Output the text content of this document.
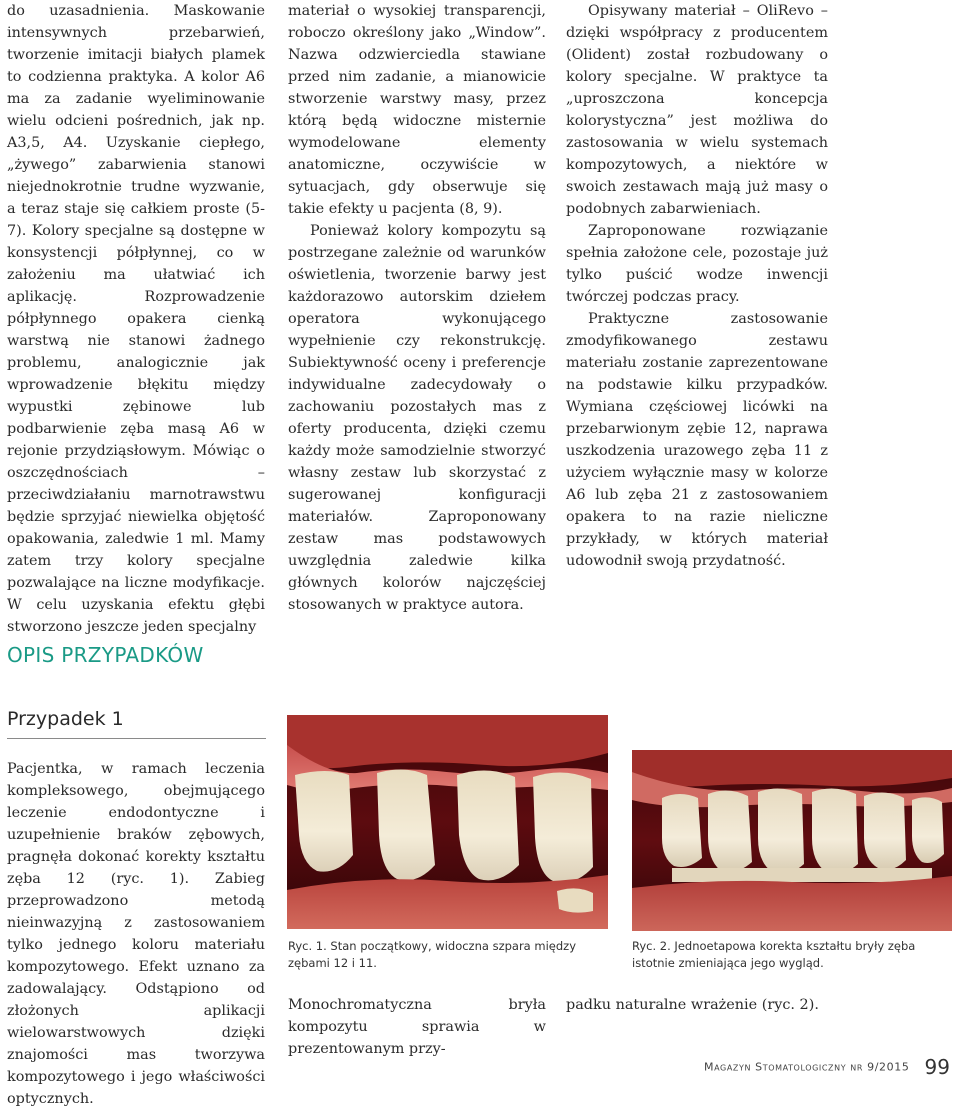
do uzasadnienia. Maskowanie intensywnych przebarwień, tworzenie imitacji białych plamek to codzienna praktyka. A kolor A6 ma za zadanie wyeliminowanie wielu odcieni pośrednich, jak np. A3,5, A4. Uzyskanie ciepłego, „żywego” zabarwienia stanowi niejednokrotnie trudne wyzwanie, a teraz staje się całkiem proste (5-7). Kolory specjalne są dostępne w konsystencji półpłynnej, co w założeniu ma ułatwiać ich aplikację. Rozprowadzenie półpłynnego opakera cienką warstwą nie stanowi żadnego problemu, analogicznie jak wprowadzenie błękitu między wypustki zębinowe lub podbarwienie zęba masą A6 w rejonie przydziąsłowym. Mówiąc o oszczędnościach – przeciwdziałaniu marnotrawstwu będzie sprzyjać niewielka objętość opakowania, zaledwie 1 ml. Mamy zatem trzy kolory specjalne pozwalające na liczne modyfikacje. W celu uzyskania efektu głębi stworzono jeszcze jeden specjalny

materiał o wysokiej transparencji, roboczo określony jako „Window”. Nazwa odzwierciedla stawiane przed nim zadanie, a mianowicie stworzenie warstwy masy, przez którą będą widoczne misternie wymodelowane elementy anatomiczne, oczywiście w sytuacjach, gdy obserwuje się takie efekty u pacjenta (8, 9).

Ponieważ kolory kompozytu są postrzegane zależnie od warunków oświetlenia, tworzenie barwy jest każdorazowo autorskim dziełem operatora wykonującego wypełnienie czy rekonstrukcję. Subiektywność oceny i preferencje indywidualne zadecydowały o zachowaniu pozostałych mas z oferty producenta, dzięki czemu każdy może samodzielnie stworzyć własny zestaw lub skorzystać z sugerowanej konfiguracji materiałów. Zaproponowany zestaw mas podstawowych uwzględnia zaledwie kilka głównych kolorów najczęściej stosowanych w praktyce autora.

Opisywany materiał – OliRevo – dzięki współpracy z producentem (Olident) został rozbudowany o kolory specjalne. W praktyce ta „uproszczona koncepcja kolorystyczna” jest możliwa do zastosowania w wielu systemach kompozytowych, a niektóre w swoich zestawach mają już masy o podobnych zabarwieniach.

Zaproponowane rozwiązanie spełnia założone cele, pozostaje już tylko puścić wodze inwencji twórczej podczas pracy.

Praktyczne zastosowanie zmodyfikowanego zestawu materiału zostanie zaprezentowane na podstawie kilku przypadków. Wymiana częściowej licówki na przebarwionym zębie 12, naprawa uszkodzenia urazowego zęba 11 z użyciem wyłącznie masy w kolorze A6 lub zęba 21 z zastosowaniem opakera to na razie nieliczne przykłady, w których materiał udowodnił swoją przydatność.

OPIS PRZYPADKÓW
Przypadek 1

Pacjentka, w ramach leczenia kompleksowego, obejmującego leczenie endodontyczne i uzupełnienie braków zębowych, pragnęła dokonać korekty kształtu zęba 12 (ryc. 1). Zabieg przeprowadzono metodą nieinwazyjną z zastosowaniem tylko jednego koloru materiału kompozytowego. Efekt uznano za zadowalający. Odstąpiono od złożonych aplikacji wielowarstwowych dzięki znajomości mas tworzywa kompozytowego i jego właściwości optycznych.

Ryc. 1. Stan początkowy, widoczna szpara między zębami 12 i 11.
Ryc. 2. Jednoetapowa korekta kształtu bryły zęba istotnie zmieniająca jego wygląd.

Monochromatyczna bryła kompozytu sprawia w prezentowanym przy-

padku naturalne wrażenie (ryc. 2).

Magazyn Stomatologiczny nr 9/2015 99
